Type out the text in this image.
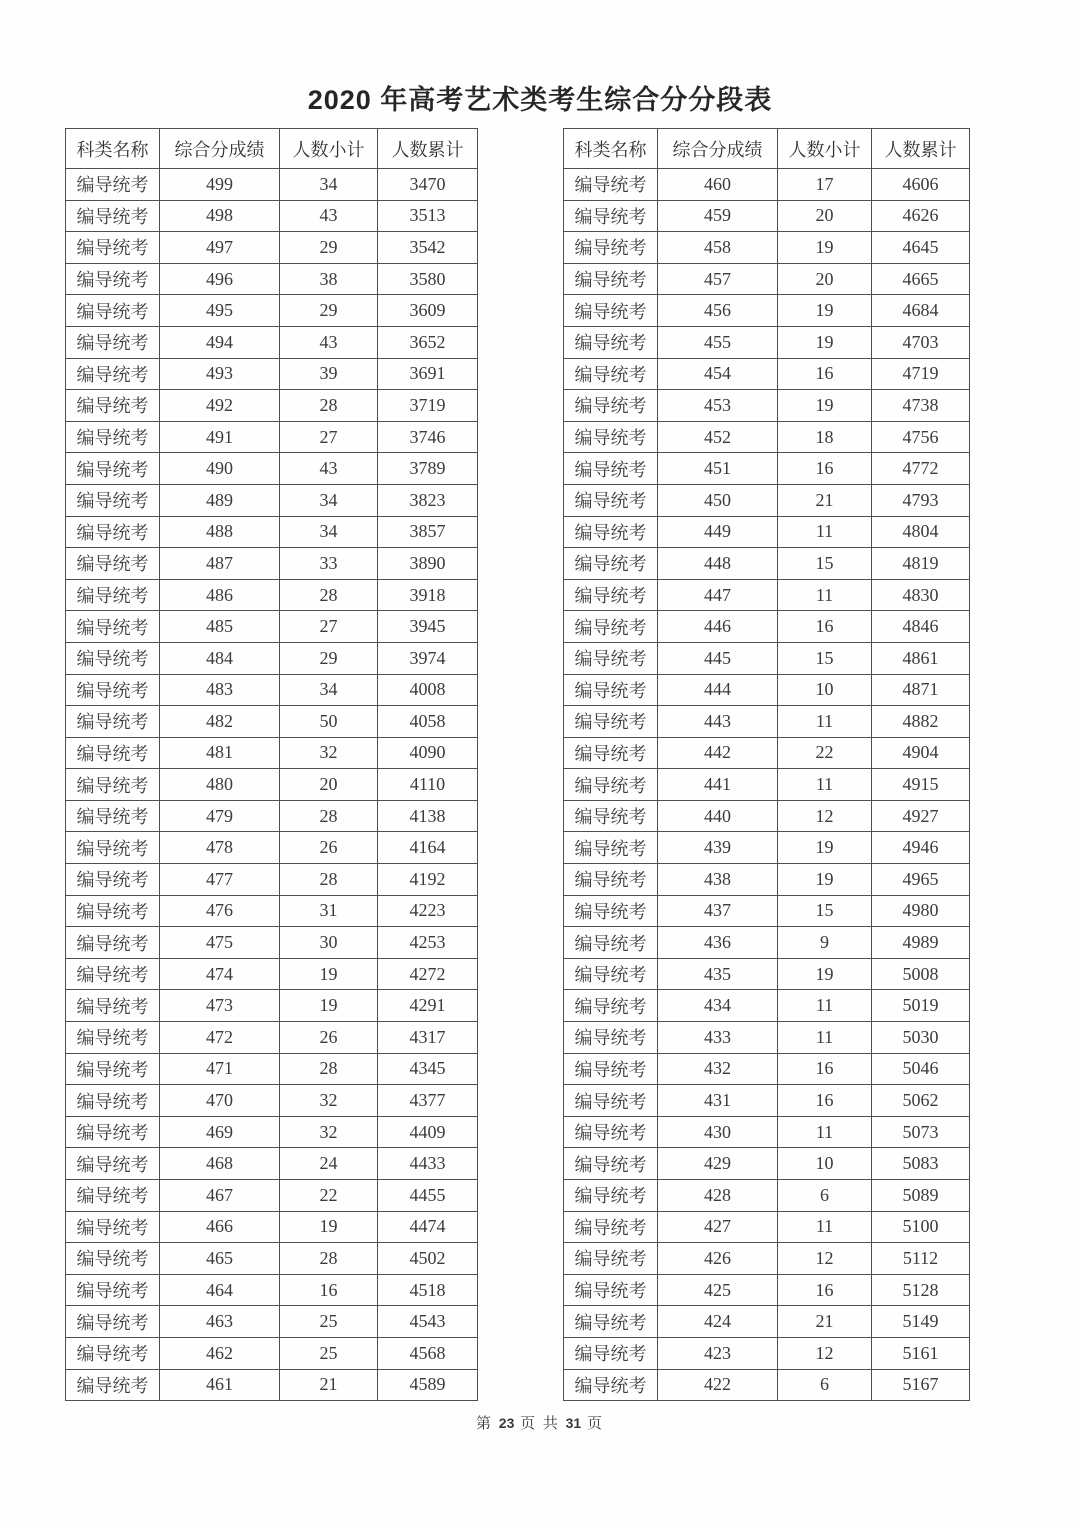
2020 年高考艺术类考生综合分分段表
科类名称	综合分成绩	人数小计	人数累计
编导统考	499	34	3470
编导统考	498	43	3513
编导统考	497	29	3542
编导统考	496	38	3580
编导统考	495	29	3609
编导统考	494	43	3652
编导统考	493	39	3691
编导统考	492	28	3719
编导统考	491	27	3746
编导统考	490	43	3789
编导统考	489	34	3823
编导统考	488	34	3857
编导统考	487	33	3890
编导统考	486	28	3918
编导统考	485	27	3945
编导统考	484	29	3974
编导统考	483	34	4008
编导统考	482	50	4058
编导统考	481	32	4090
编导统考	480	20	4110
编导统考	479	28	4138
编导统考	478	26	4164
编导统考	477	28	4192
编导统考	476	31	4223
编导统考	475	30	4253
编导统考	474	19	4272
编导统考	473	19	4291
编导统考	472	26	4317
编导统考	471	28	4345
编导统考	470	32	4377
编导统考	469	32	4409
编导统考	468	24	4433
编导统考	467	22	4455
编导统考	466	19	4474
编导统考	465	28	4502
编导统考	464	16	4518
编导统考	463	25	4543
编导统考	462	25	4568
编导统考	461	21	4589
科类名称	综合分成绩	人数小计	人数累计
编导统考	460	17	4606
编导统考	459	20	4626
编导统考	458	19	4645
编导统考	457	20	4665
编导统考	456	19	4684
编导统考	455	19	4703
编导统考	454	16	4719
编导统考	453	19	4738
编导统考	452	18	4756
编导统考	451	16	4772
编导统考	450	21	4793
编导统考	449	11	4804
编导统考	448	15	4819
编导统考	447	11	4830
编导统考	446	16	4846
编导统考	445	15	4861
编导统考	444	10	4871
编导统考	443	11	4882
编导统考	442	22	4904
编导统考	441	11	4915
编导统考	440	12	4927
编导统考	439	19	4946
编导统考	438	19	4965
编导统考	437	15	4980
编导统考	436	9	4989
编导统考	435	19	5008
编导统考	434	11	5019
编导统考	433	11	5030
编导统考	432	16	5046
编导统考	431	16	5062
编导统考	430	11	5073
编导统考	429	10	5083
编导统考	428	6	5089
编导统考	427	11	5100
编导统考	426	12	5112
编导统考	425	16	5128
编导统考	424	21	5149
编导统考	423	12	5161
编导统考	422	6	5167
第 23 页 共 31 页
